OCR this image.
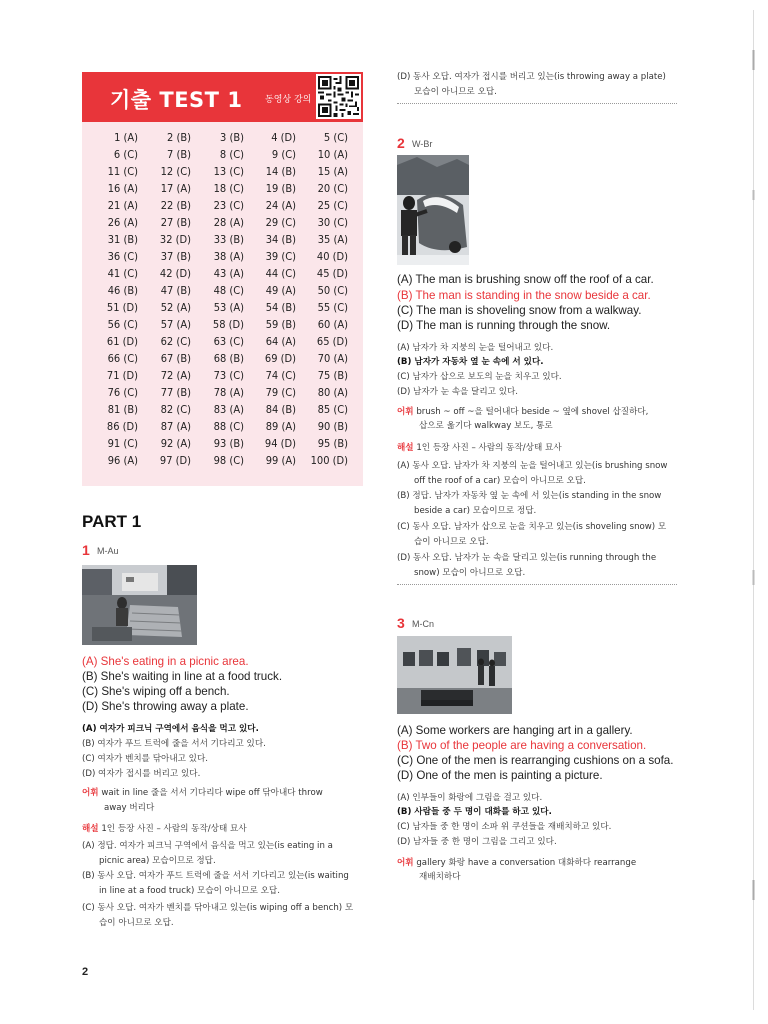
기출 TEST 1	동영상 강의
1 (A)	2 (B)	3 (B)	4 (D)	5 (C)
6 (C)	7 (B)	8 (C)	9 (C)	10 (A)
11 (C)	12 (C)	13 (C)	14 (B)	15 (A)
16 (A)	17 (A)	18 (C)	19 (B)	20 (C)
21 (A)	22 (B)	23 (C)	24 (A)	25 (C)
26 (A)	27 (B)	28 (A)	29 (C)	30 (C)
31 (B)	32 (D)	33 (B)	34 (B)	35 (A)
36 (C)	37 (B)	38 (A)	39 (C)	40 (D)
41 (C)	42 (D)	43 (A)	44 (C)	45 (D)
46 (B)	47 (B)	48 (C)	49 (A)	50 (C)
51 (D)	52 (A)	53 (A)	54 (B)	55 (C)
56 (C)	57 (A)	58 (D)	59 (B)	60 (A)
61 (D)	62 (C)	63 (C)	64 (A)	65 (D)
66 (C)	67 (B)	68 (B)	69 (D)	70 (A)
71 (D)	72 (A)	73 (C)	74 (C)	75 (B)
76 (C)	77 (B)	78 (A)	79 (C)	80 (A)
81 (B)	82 (C)	83 (A)	84 (B)	85 (C)
86 (D)	87 (A)	88 (C)	89 (A)	90 (B)
91 (C)	92 (A)	93 (B)	94 (D)	95 (B)
96 (A)	97 (D)	98 (C)	99 (A)	100 (D)
PART 1
1 M-Au
(A) She's eating in a picnic area.
(B) She's waiting in line at a food truck.
(C) She's wiping off a bench.
(D) She's throwing away a plate.
(A) 여자가 피크닉 구역에서 음식을 먹고 있다.
(B) 여자가 푸드 트럭에 줄을 서서 기다리고 있다.
(C) 여자가 벤치를 닦아내고 있다.
(D) 여자가 접시를 버리고 있다.
어휘 wait in line 줄을 서서 기다리다 wipe off 닦아내다 throw
away 버리다
해설 1인 등장 사진 – 사람의 동작/상태 묘사
(A) 정답. 여자가 피크닉 구역에서 음식을 먹고 있는(is eating in a
picnic area) 모습이므로 정답.
(B) 동사 오답. 여자가 푸드 트럭에 줄을 서서 기다리고 있는(is waiting
in line at a food truck) 모습이 아니므로 오답.
(C) 동사 오답. 여자가 벤치를 닦아내고 있는(is wiping off a bench) 모
습이 아니므로 오답.
(D) 동사 오답. 여자가 접시를 버리고 있는(is throwing away a plate)
모습이 아니므로 오답.
2 W-Br
(A) The man is brushing snow off the roof of a car.
(B) The man is standing in the snow beside a car.
(C) The man is shoveling snow from a walkway.
(D) The man is running through the snow.
(A) 남자가 차 지붕의 눈을 털어내고 있다.
(B) 남자가 자동차 옆 눈 속에 서 있다.
(C) 남자가 삽으로 보도의 눈을 치우고 있다.
(D) 남자가 눈 속을 달리고 있다.
어휘 brush ~ off ~을 털어내다 beside ~ 옆에 shovel 삽질하다,
삽으로 옮기다 walkway 보도, 통로
해설 1인 등장 사진 – 사람의 동작/상태 묘사
(A) 동사 오답. 남자가 차 지붕의 눈을 털어내고 있는(is brushing snow
off the roof of a car) 모습이 아니므로 오답.
(B) 정답. 남자가 자동차 옆 눈 속에 서 있는(is standing in the snow
beside a car) 모습이므로 정답.
(C) 동사 오답. 남자가 삽으로 눈을 치우고 있는(is shoveling snow) 모
습이 아니므로 오답.
(D) 동사 오답. 남자가 눈 속을 달리고 있는(is running through the
snow) 모습이 아니므로 오답.
3 M-Cn
(A) Some workers are hanging art in a gallery.
(B) Two of the people are having a conversation.
(C) One of the men is rearranging cushions on a sofa.
(D) One of the men is painting a picture.
(A) 인부들이 화랑에 그림을 걸고 있다.
(B) 사람들 중 두 명이 대화를 하고 있다.
(C) 남자들 중 한 명이 소파 위 쿠션들을 재배치하고 있다.
(D) 남자들 중 한 명이 그림을 그리고 있다.
어휘 gallery 화랑 have a conversation 대화하다 rearrange
재배치하다
2
